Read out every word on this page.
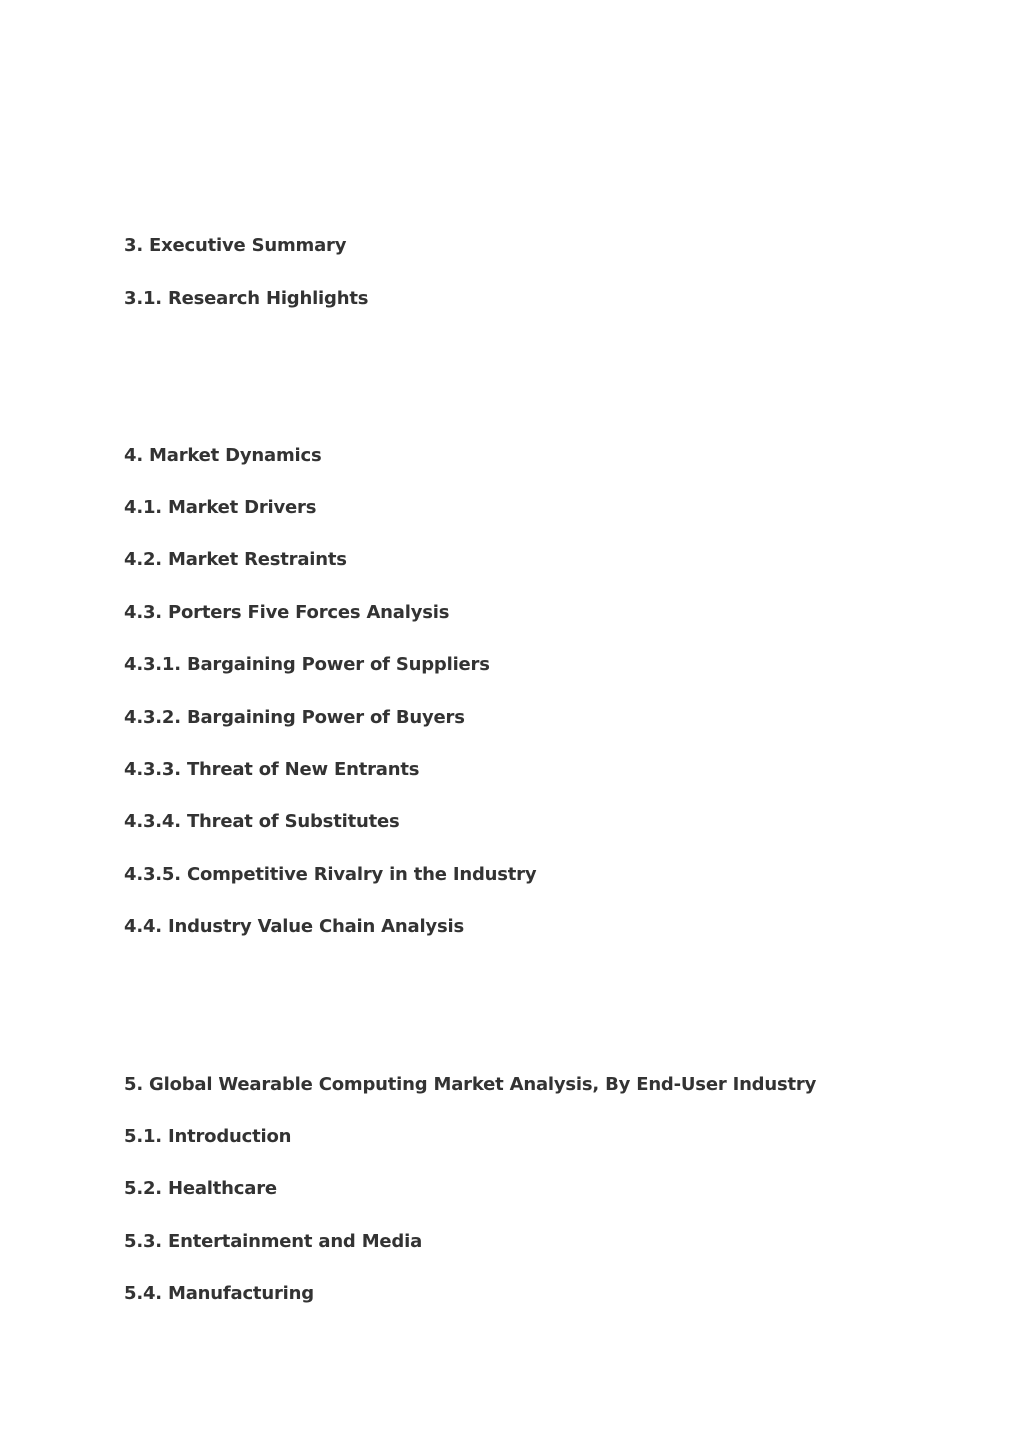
3. Executive Summary

3.1. Research Highlights

4. Market Dynamics

4.1. Market Drivers

4.2. Market Restraints

4.3. Porters Five Forces Analysis

4.3.1. Bargaining Power of Suppliers

4.3.2. Bargaining Power of Buyers

4.3.3. Threat of New Entrants

4.3.4. Threat of Substitutes

4.3.5. Competitive Rivalry in the Industry

4.4. Industry Value Chain Analysis

5. Global Wearable Computing Market Analysis, By End-User Industry

5.1. Introduction

5.2. Healthcare

5.3. Entertainment and Media

5.4. Manufacturing
